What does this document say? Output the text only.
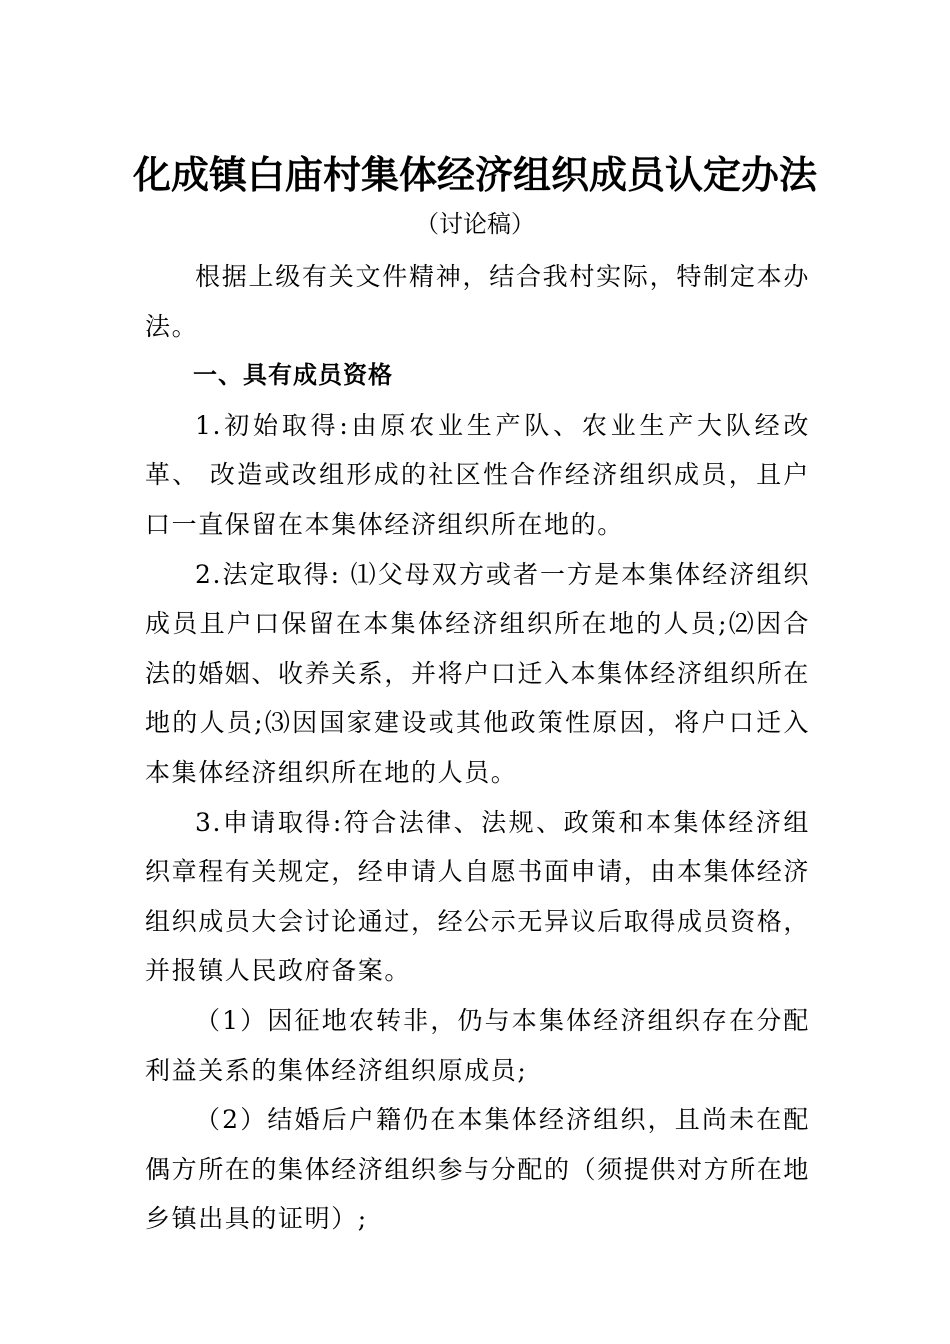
化成镇白庙村集体经济组织成员认定办法
（讨论稿）

根据上级有关文件精神，结合我村实际，特制定本办法。

一、具有成员资格

1.初始取得:由原农业生产队、农业生产大队经改革、 改造或改组形成的社区性合作经济组织成员，且户口一直保留在本集体经济组织所在地的。

2.法定取得: ⑴父母双方或者一方是本集体经济组织成员且户口保留在本集体经济组织所在地的人员;⑵因合法的婚姻、收养关系，并将户口迁入本集体经济组织所在地的人员;⑶因国家建设或其他政策性原因，将户口迁入本集体经济组织所在地的人员。

3.申请取得:符合法律、法规、政策和本集体经济组织章程有关规定，经申请人自愿书面申请，由本集体经济组织成员大会讨论通过，经公示无异议后取得成员资格，并报镇人民政府备案。

（1）因征地农转非，仍与本集体经济组织存在分配利益关系的集体经济组织原成员;

（2）结婚后户籍仍在本集体经济组织，且尚未在配偶方所在的集体经济组织参与分配的（须提供对方所在地乡镇出具的证明）;
